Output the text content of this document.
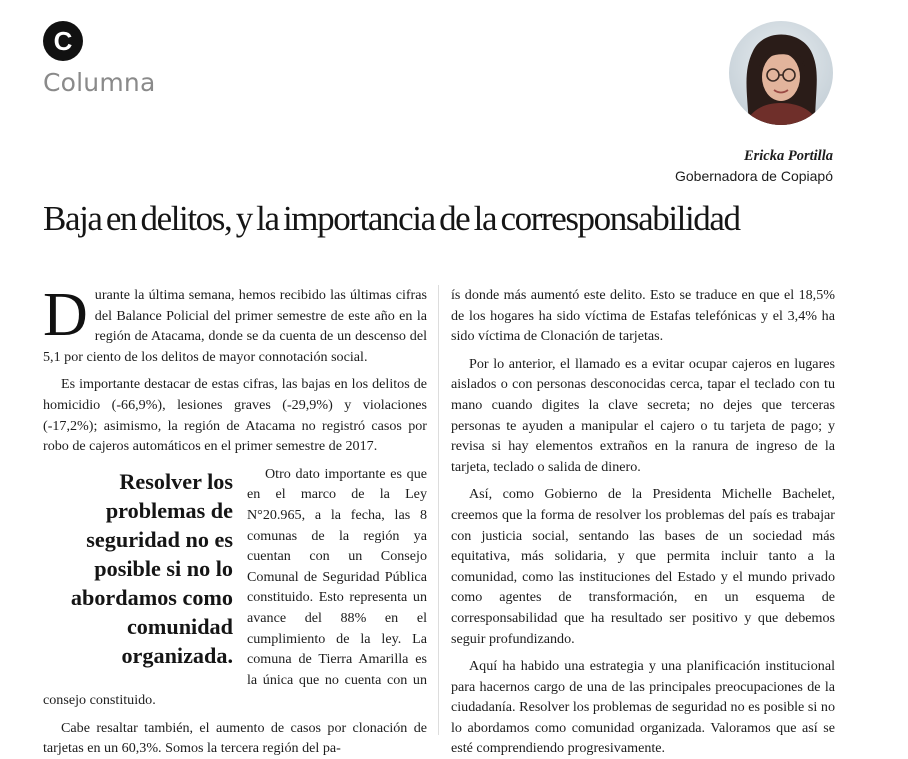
C
Columna
Ericka Portilla
Gobernadora de Copiapó
Baja en delitos, y la importancia de la corresponsabilidad

Durante la última semana, hemos recibido las últimas cifras del Balance Policial del primer semestre de este año en la región de Atacama, donde se da cuenta de un descenso del 5,1 por ciento de los delitos de mayor connotación social.

Es importante destacar de estas cifras, las bajas en los delitos de homicidio (-66,9%), lesiones graves (-29,9%) y violaciones (-17,2%); asimismo, la región de Atacama no registró casos por robo de cajeros automáticos en el primer semestre de 2017.

Resolver los problemas de seguridad no es posible si no lo abordamos como comunidad organizada.

Otro dato importante es que en el marco de la Ley N°20.965, a la fecha, las 8 comunas de la región ya cuentan con un Consejo Comunal de Seguridad Pública constituido. Esto representa un avance del 88% en el cumplimiento de la ley. La comuna de Tierra Amarilla es la única que no cuenta con un consejo constituido.

Cabe resaltar también, el aumento de casos por clonación de tarjetas en un 60,3%. Somos la tercera región del pa-

ís donde más aumentó este delito. Esto se traduce en que el 18,5% de los hogares ha sido víctima de Estafas telefónicas y el 3,4% ha sido víctima de Clonación de tarjetas.

Por lo anterior, el llamado es a evitar ocupar cajeros en lugares aislados o con personas desconocidas cerca, tapar el teclado con tu mano cuando digites la clave secreta; no dejes que terceras personas te ayuden a manipular el cajero o tu tarjeta de pago; y revisa si hay elementos extraños en la ranura de ingreso de la tarjeta, teclado o salida de dinero.

Así, como Gobierno de la Presidenta Michelle Bachelet, creemos que la forma de resolver los problemas del país es trabajar con justicia social, sentando las bases de un sociedad más equitativa, más solidaria, y que permita incluir tanto a la comunidad, como las instituciones del Estado y el mundo privado como agentes de transformación, en un esquema de corresponsabilidad que ha resultado ser positivo y que debemos seguir profundizando.

Aquí ha habido una estrategia y una planificación institucional para hacernos cargo de una de las principales preocupaciones de la ciudadanía. Resolver los problemas de seguridad no es posible si no lo abordamos como comunidad organizada. Valoramos que así se esté comprendiendo progresivamente.
